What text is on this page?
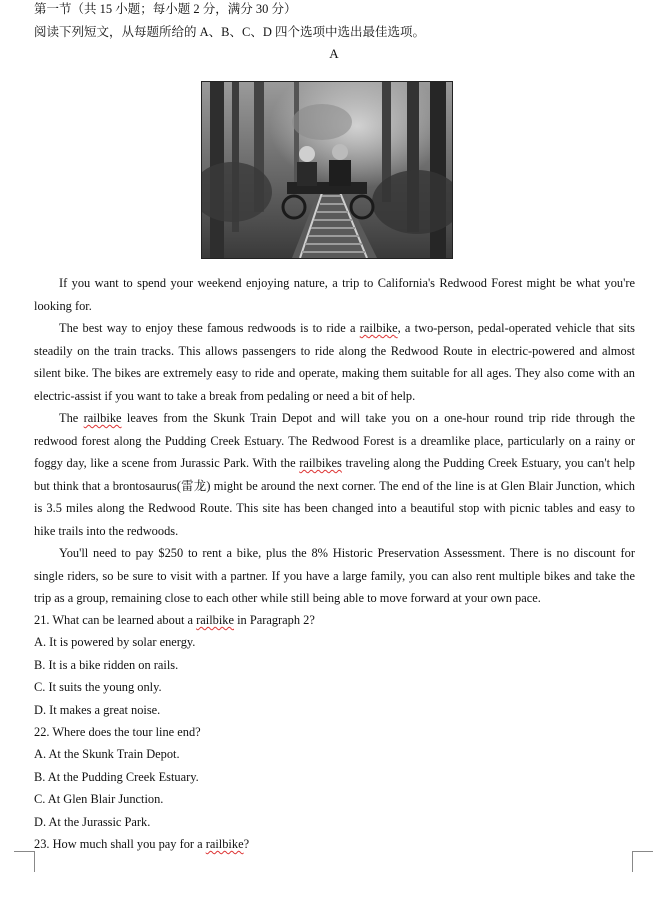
第一节（共 15 小题；每小题 2 分，满分 30 分）
阅读下列短文，从每题所给的 A、B、C、D 四个选项中选出最佳选项。
A

If you want to spend your weekend enjoying nature, a trip to California's Redwood Forest might be what you're looking for.

The best way to enjoy these famous redwoods is to ride a railbike, a two-person, pedal-operated vehicle that sits steadily on the train tracks. This allows passengers to ride along the Redwood Route in electric-powered and almost silent bike. The bikes are extremely easy to ride and operate, making them suitable for all ages. They also come with an electric-assist if you want to take a break from pedaling or need a bit of help.

The railbike leaves from the Skunk Train Depot and will take you on a one-hour round trip ride through the redwood forest along the Pudding Creek Estuary. The Redwood Forest is a dreamlike place, particularly on a rainy or foggy day, like a scene from Jurassic Park. With the railbikes traveling along the Pudding Creek Estuary, you can't help but think that a brontosaurus(雷龙) might be around the next corner. The end of the line is at Glen Blair Junction, which is 3.5 miles along the Redwood Route. This site has been changed into a beautiful stop with picnic tables and easy to hike trails into the redwoods.

You'll need to pay $250 to rent a bike, plus the 8% Historic Preservation Assessment. There is no discount for single riders, so be sure to visit with a partner. If you have a large family, you can also rent multiple bikes and take the trip as a group, remaining close to each other while still being able to move forward at your own pace.

21. What can be learned about a railbike in Paragraph 2?
A. It is powered by solar energy.
B. It is a bike ridden on rails.
C. It suits the young only.
D. It makes a great noise.
22. Where does the tour line end?
A. At the Skunk Train Depot.
B. At the Pudding Creek Estuary.
C. At Glen Blair Junction.
D. At the Jurassic Park.
23. How much shall you pay for a railbike?
